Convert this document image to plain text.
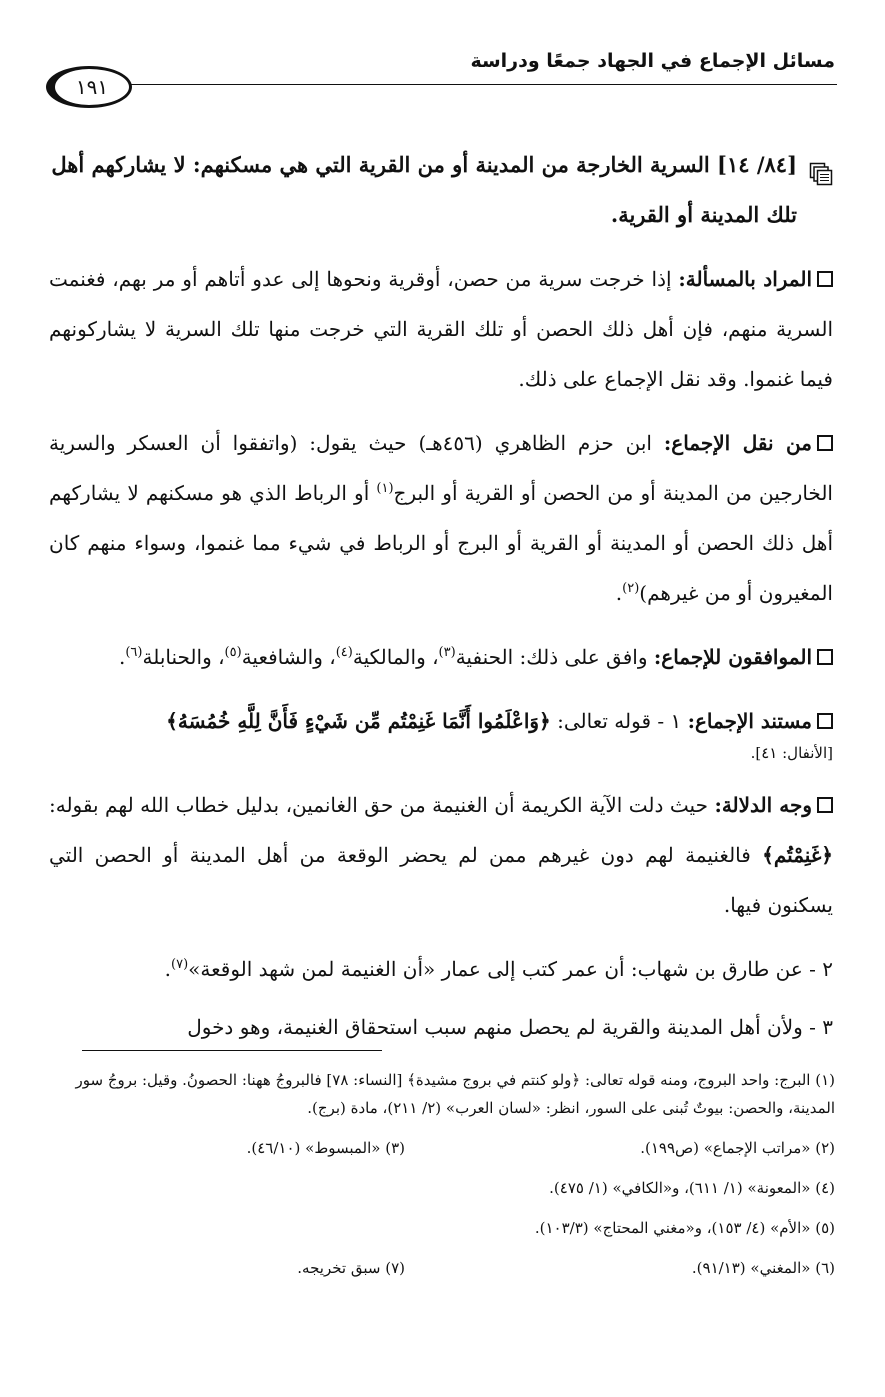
مسائل الإجماع في الجهاد جمعًا ودراسة
١٩١
[٨٤/ ١٤] السرية الخارجة من المدينة أو من القرية التي هي مسكنهم: لا يشاركهم أهل تلك المدينة أو القرية.

المراد بالمسألة: إذا خرجت سرية من حصن، أوقرية ونحوها إلى عدو أتاهم أو مر بهم، فغنمت السرية منهم، فإن أهل ذلك الحصن أو تلك القرية التي خرجت منها تلك السرية لا يشاركونهم فيما غنموا. وقد نقل الإجماع على ذلك.

من نقل الإجماع: ابن حزم الظاهري (٤٥٦هـ) حيث يقول: (واتفقوا أن العسكر والسرية الخارجين من المدينة أو من الحصن أو القرية أو البرج$^{(١)}$ أو الرباط الذي هو مسكنهم لا يشاركهم أهل ذلك الحصن أو المدينة أو القرية أو البرج أو الرباط في شيء مما غنموا، وسواء منهم كان المغيرون أو من غيرهم)$^{(٢)}$.

الموافقون للإجماع: وافق على ذلك: الحنفية$^{(٣)}$، والمالكية$^{(٤)}$، والشافعية$^{(٥)}$، والحنابلة$^{(٦)}$.

مستند الإجماع: ١ - قوله تعالى: ﴿وَاعْلَمُوا أَنَّمَا غَنِمْتُم مِّن شَيْءٍ فَأَنَّ لِلَّهِ خُمُسَهُ﴾
[الأنفال: ٤١].

وجه الدلالة: حيث دلت الآية الكريمة أن الغنيمة من حق الغانمين، بدليل خطاب الله لهم بقوله: ﴿غَنِمْتُم﴾ فالغنيمة لهم دون غيرهم ممن لم يحضر الوقعة من أهل المدينة أو الحصن التي يسكنون فيها.

٢ - عن طارق بن شهاب: أن عمر كتب إلى عمار «أن الغنيمة لمن شهد الوقعة»$^{(٧)}$.

٣ - ولأن أهل المدينة والقرية لم يحصل منهم سبب استحقاق الغنيمة، وهو دخول

(١) البرج: واحد البروج، ومنه قوله تعالى: ﴿ولو كنتم في بروج مشيدة﴾ [النساء: ٧٨] فالبروجُ ههنا: الحصونُ. وقيل: بروجُ سور المدينة، والحصن: بيوتٌ تُبنى على السور، انظر: «لسان العرب» (٢/ ٢١١)، مادة (برج).

(٢) «مراتب الإجماع» (ص١٩٩).
(٣) «المبسوط» (٤٦/١٠).

(٤) «المعونة» (١/ ٦١١)، و«الكافي» (١/ ٤٧٥).

(٥) «الأم» (٤/ ١٥٣)، و«مغني المحتاج» (١٠٣/٣).

(٦) «المغني» (٩١/١٣).
(٧) سبق تخريجه.
